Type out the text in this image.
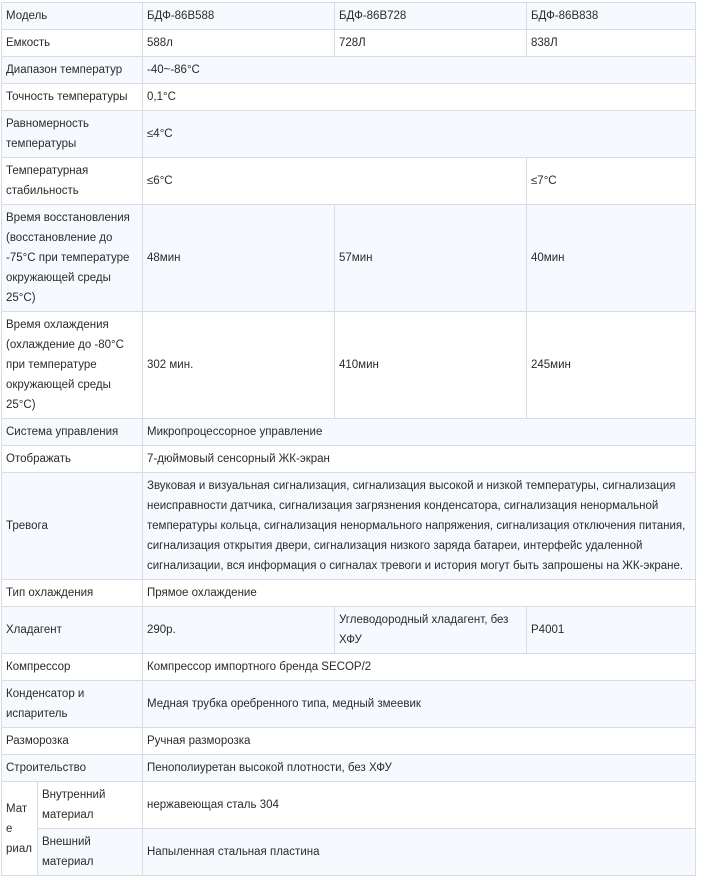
Модель		БДФ-86В588	БДФ-86В728	БДФ-86В838
Емкость		588л	728Л	838Л
Диапазон температур		-40~-86°C		
Точность температуры		0,1°C		
Равномерность температуры		≤4°C		
Температурная стабильность		≤6°C		≤7°C
Время восстановления (восстановление до -75°C при температуре окружающей среды 25°C)		48мин	57мин	40мин
Время охлаждения (охлаждение до -80°C при температуре окружающей среды 25°C)		302 мин.	410мин	245мин
Система управления		Микропроцессорное управление		
Отображать		7-дюймовый сенсорный ЖК-экран		
Тревога		Звуковая и визуальная сигнализация, сигнализация высокой и низкой температуры, сигнализация неисправности датчика, сигнализация загрязнения конденсатора, сигнализация ненормальной температуры кольца, сигнализация ненормального напряжения, сигнализация отключения питания, сигнализация открытия двери, сигнализация низкого заряда батареи, интерфейс удаленной сигнализации, вся информация о сигналах тревоги и история могут быть запрошены на ЖК-экране.		
Тип охлаждения		Прямое охлаждение		
Хладагент		290р.	Углеводородный хладагент, без ХФУ	Р4001
Компрессор		Компрессор импортного бренда SECOP/2		
Конденсатор и испаритель		Медная трубка оребренного типа, медный змеевик		
Разморозка		Ручная разморозка		
Строительство		Пенополиуретан высокой плотности, без ХФУ		
Мате риал	Внутренний материал	нержавеющая сталь 304		
	Внешний материал	Напыленная стальная пластина		
